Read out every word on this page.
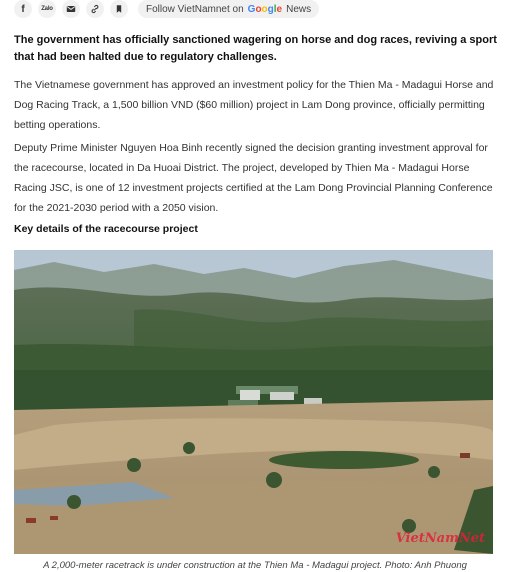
f	Zalo	Follow VietNamnet on Google News

The government has officially sanctioned wagering on horse and dog races, reviving a sport that had been halted due to regulatory challenges.

The Vietnamese government has approved an investment policy for the Thien Ma - Madagui Horse and Dog Racing Track, a 1,500 billion VND ($60 million) project in Lam Dong province, officially permitting betting operations.

Deputy Prime Minister Nguyen Hoa Binh recently signed the decision granting investment approval for the racecourse, located in Da Huoai District. The project, developed by Thien Ma - Madagui Horse Racing JSC, is one of 12 investment projects certified at the Lam Dong Provincial Planning Conference for the 2021-2030 period with a 2050 vision.

Key details of the racecourse project
VietNamNet

A 2,000-meter racetrack is under construction at the Thien Ma - Madagui project. Photo: Anh Phuong
